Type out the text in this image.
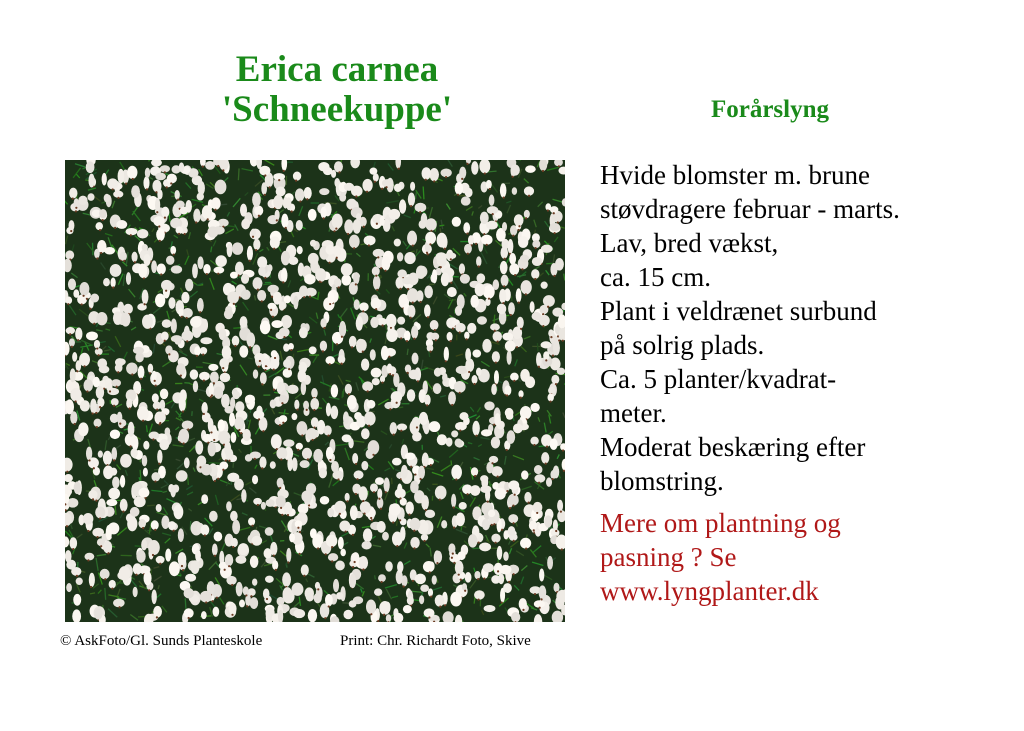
Erica carnea
'Schneekuppe'	Forårslyng
Hvide blomster m. brune
støvdragere februar - marts.
Lav, bred vækst,
ca. 15 cm.
Plant i veldrænet surbund
på solrig plads.
Ca. 5 planter/kvadrat-
meter.
Moderat beskæring efter
blomstring.
Mere om plantning og
pasning ? Se
www.lyngplanter.dk
© AskFoto/Gl. Sunds Planteskole	Print: Chr. Richardt Foto, Skive
